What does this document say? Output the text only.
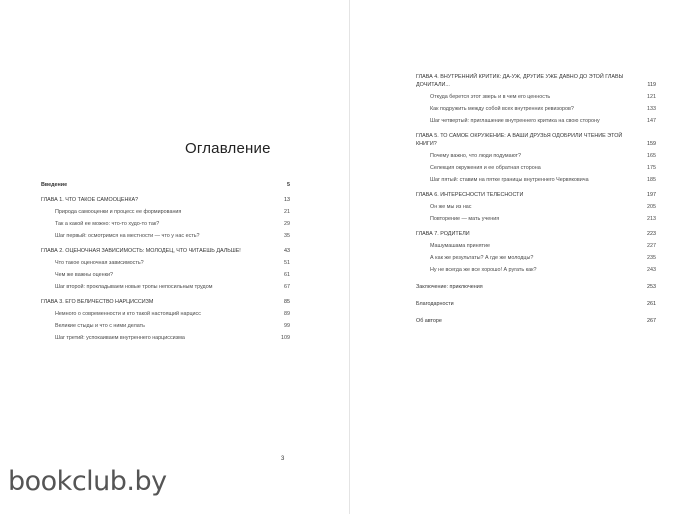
Оглавление
3
Введение	5
ГЛАВА 1. ЧТО ТАКОЕ САМООЦЕНКА?	13
Природа самооценки и процесс ее формирования	21
Так а какой ее можно: что-то худо-то так?	29
Шаг первый: осмотримся на местности — что у нас есть?	35
ГЛАВА 2. ОЦЕНОЧНАЯ ЗАВИСИМОСТЬ: МОЛОДЕЦ, ЧТО ЧИТАЕШЬ ДАЛЬШЕ!	43
Что такое оценочная зависимость?	51
Чем же важны оценки?	61
Шаг второй: прокладываем новые тропы непосильным трудом	67
ГЛАВА 3. ЕГО ВЕЛИЧЕСТВО НАРЦИССИЗМ	85
Немного о современности и кто такой настоящий нарцисс	89
Великие стыды и что с ними делать	99
Шаг третий: успокаиваем внутреннего нарциссизма	109
ГЛАВА 4. ВНУТРЕННИЙ КРИТИК: ДА-УЖ, ДРУГИЕ УЖЕ ДАВНО ДО ЭТОЙ ГЛАВЫ ДОЧИТАЛИ...	119
Откуда берется этот зверь и в чем его ценность	121
Как подружить между собой всех внутренних ревизоров?	133
Шаг четвертый: приглашение внутреннего критика на свою сторону	147
ГЛАВА 5. ТО САМОЕ ОКРУЖЕНИЕ: А ВАШИ ДРУЗЬЯ ОДОБРИЛИ ЧТЕНИЕ ЭТОЙ КНИГИ?	159
Почему важно, что люди подумают?	165
Селекция окружения и ее обратная сторона	175
Шаг пятый: ставим на пятке границы внутреннего Червяковича	185
ГЛАВА 6. ИНТЕРЕСНОСТИ ТЕЛЕСНОСТИ	197
Он же мы из нас	205
Повторение — мать учения	213
ГЛАВА 7. РОДИТЕЛИ	223
Машумашама принятие	227
А как же результаты? А где же молодцы?	235
Ну не всегда же все хорошо! А ругать как?	243
Заключение: приключения	253
Благодарности	261
Об авторе	267
bookclub.by
